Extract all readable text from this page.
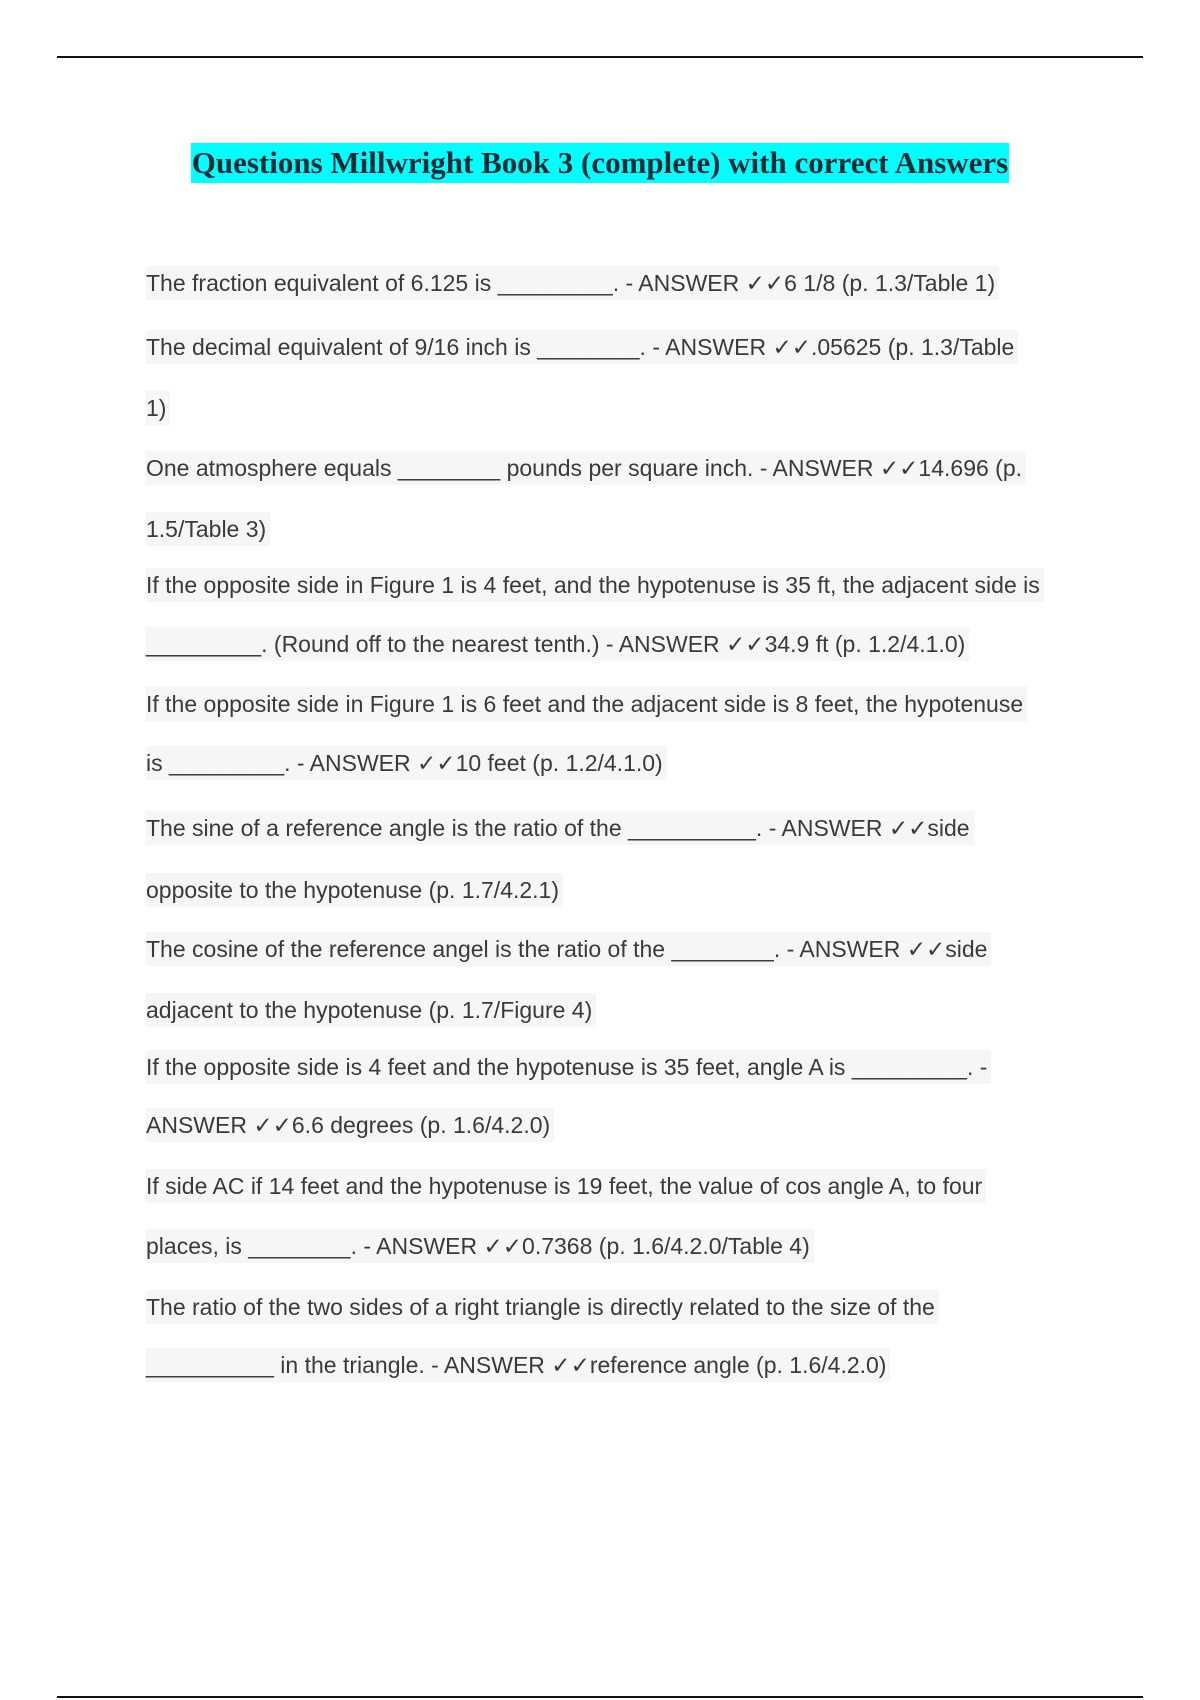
Questions Millwright Book 3 (complete) with correct Answers
The fraction equivalent of 6.125 is _________. - ANSWER ✓✓6 1/8 (p. 1.3/Table 1)
The decimal equivalent of 9/16 inch is ________. - ANSWER ✓✓.05625 (p. 1.3/Table
1)
One atmosphere equals ________ pounds per square inch. - ANSWER ✓✓14.696 (p.
1.5/Table 3)
If the opposite side in Figure 1 is 4 feet, and the hypotenuse is 35 ft, the adjacent side is
_________. (Round off to the nearest tenth.) - ANSWER ✓✓34.9 ft (p. 1.2/4.1.0)
If the opposite side in Figure 1 is 6 feet and the adjacent side is 8 feet, the hypotenuse
is _________. - ANSWER ✓✓10 feet (p. 1.2/4.1.0)
The sine of a reference angle is the ratio of the __________. - ANSWER ✓✓side
opposite to the hypotenuse (p. 1.7/4.2.1)
The cosine of the reference angel is the ratio of the ________. - ANSWER ✓✓side
adjacent to the hypotenuse (p. 1.7/Figure 4)
If the opposite side is 4 feet and the hypotenuse is 35 feet, angle A is _________. -
ANSWER ✓✓6.6 degrees (p. 1.6/4.2.0)
If side AC if 14 feet and the hypotenuse is 19 feet, the value of cos angle A, to four
places, is ________. - ANSWER ✓✓0.7368 (p. 1.6/4.2.0/Table 4)
The ratio of the two sides of a right triangle is directly related to the size of the
__________ in the triangle. - ANSWER ✓✓reference angle (p. 1.6/4.2.0)
